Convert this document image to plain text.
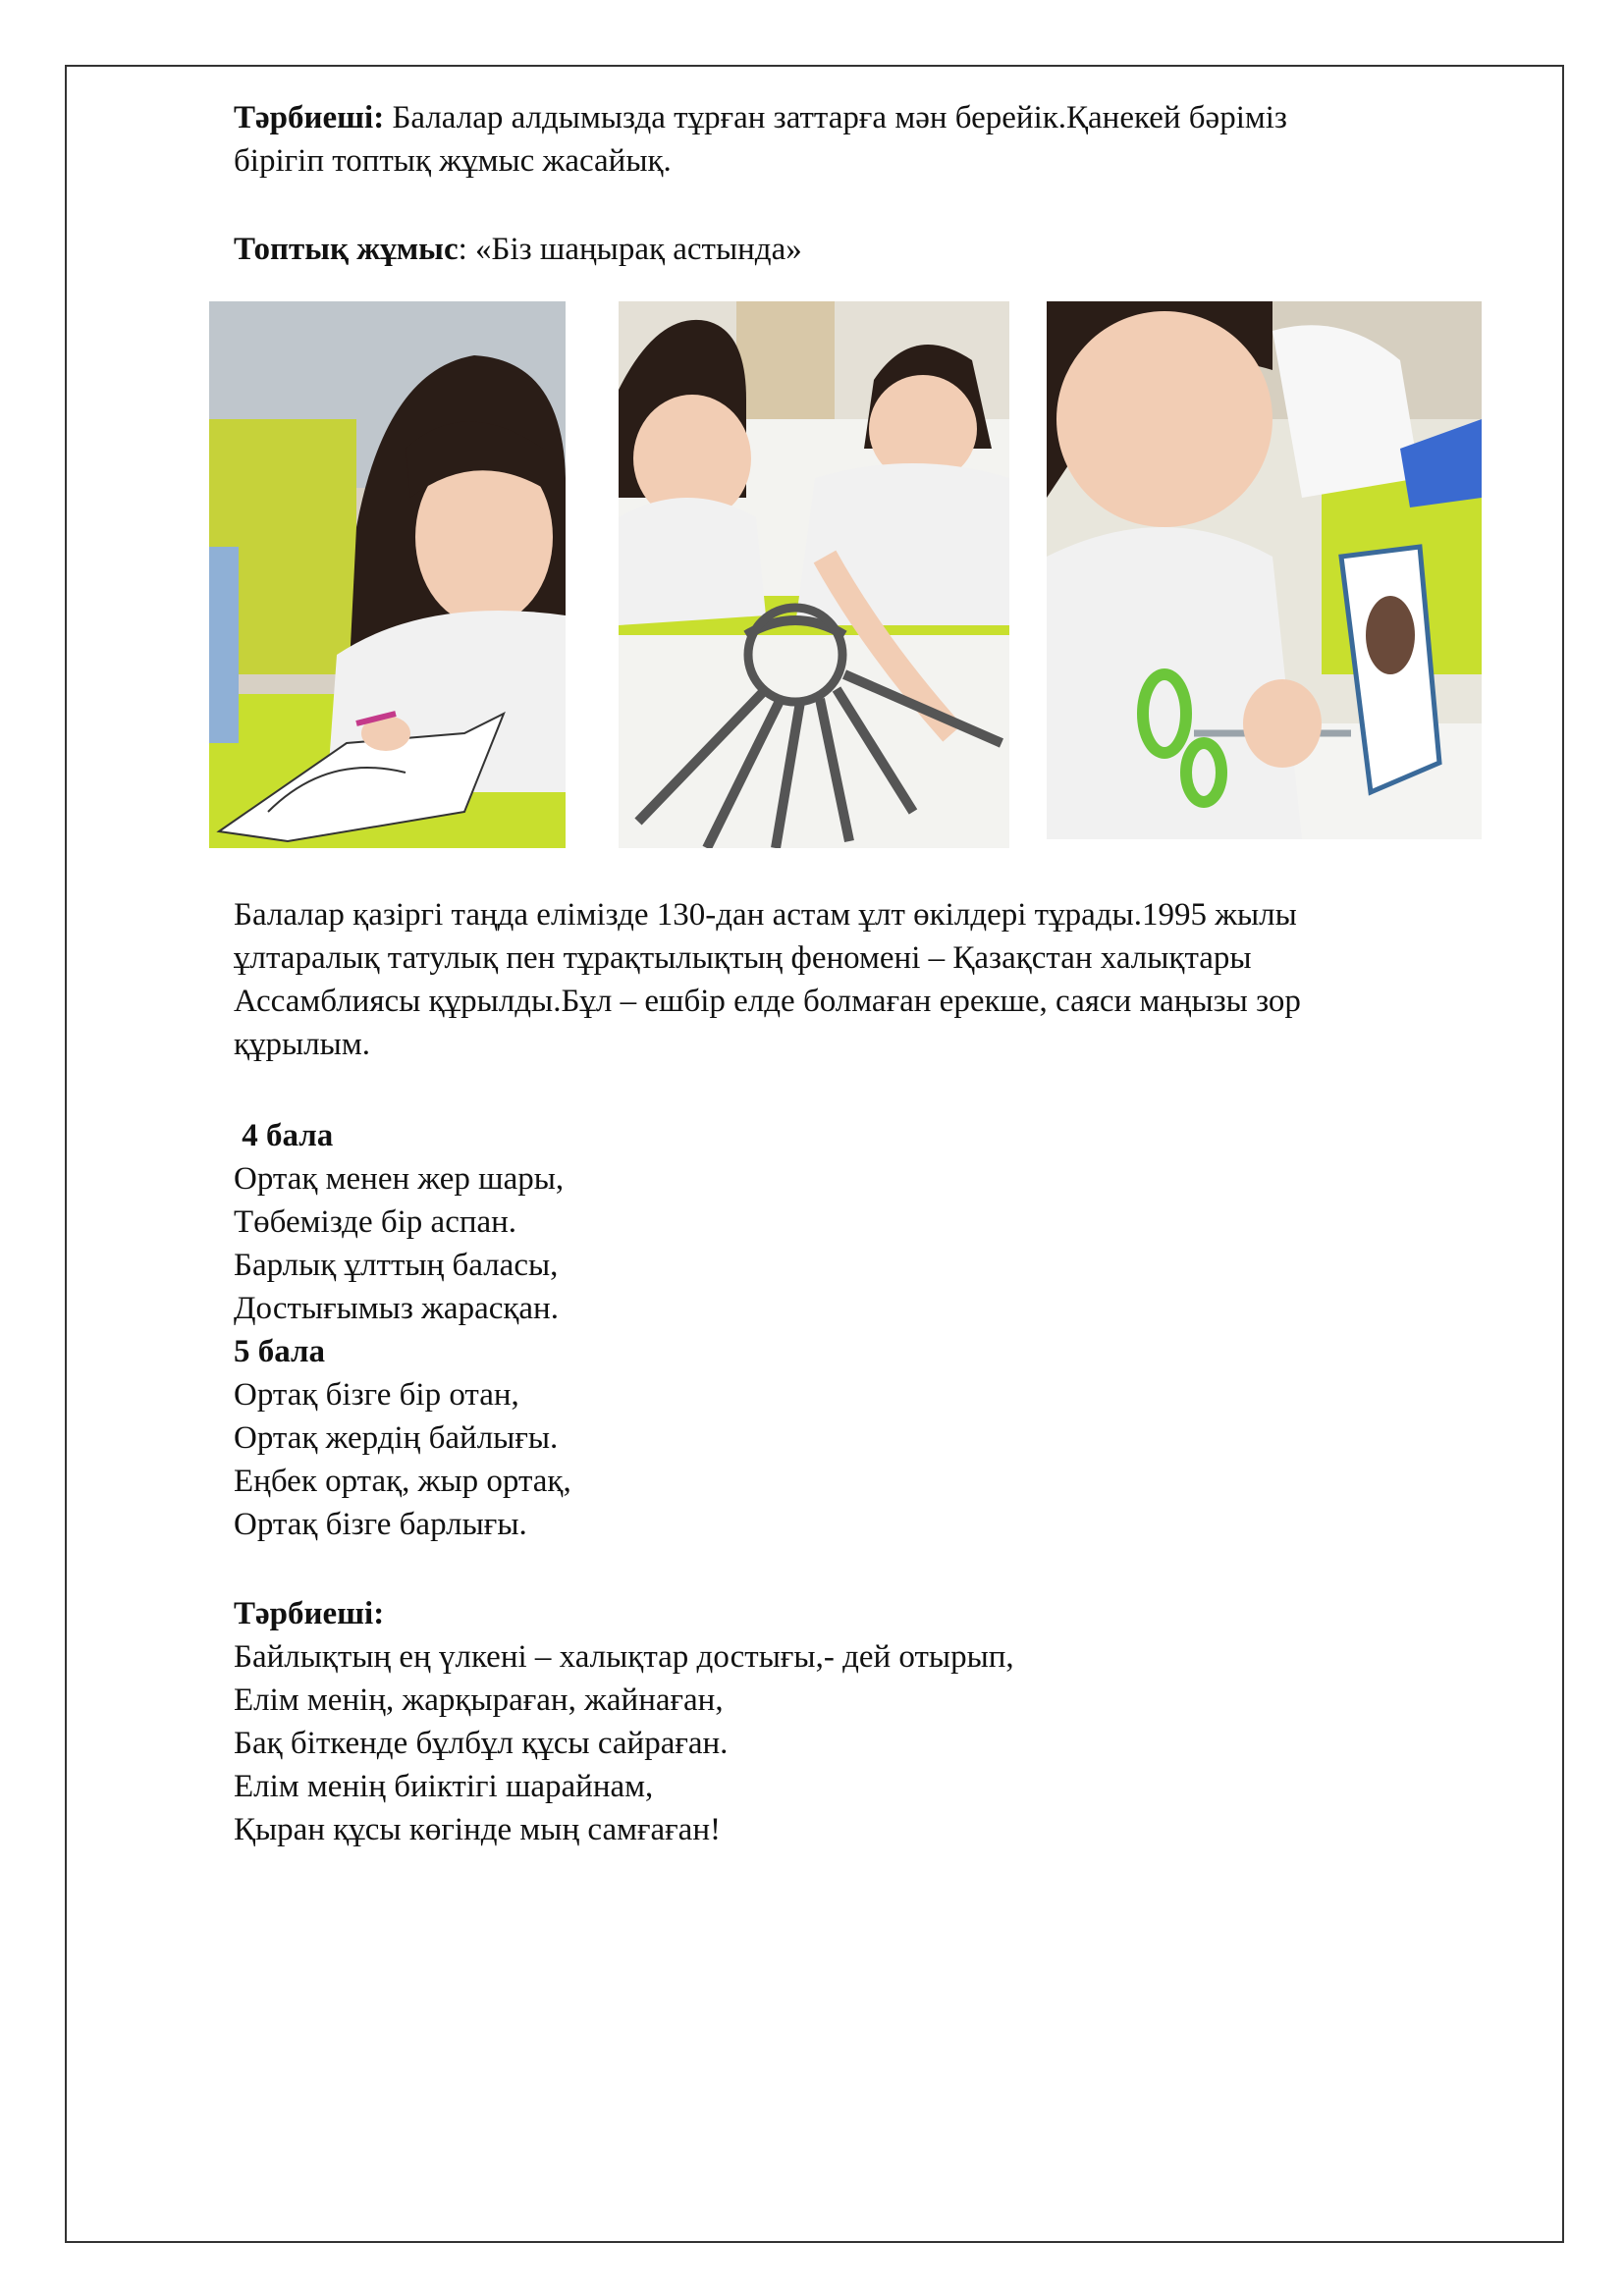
Тәрбиеші: Балалар алдымызда тұрған заттарға мән берейік.Қанекей бәріміз
бірігіп топтық жұмыс жасайық.
Топтық жұмыс: «Біз шаңырақ астында»
Балалар қазіргі таңда елімізде 130-дан астам ұлт өкілдері тұрады.1995 жылы
ұлтаралық татулық пен тұрақтылықтың феномені – Қазақстан халықтары
Ассамблиясы құрылды.Бұл – ешбір елде болмаған ерекше, саяси маңызы зор
құрылым.
4 бала
Ортақ менен жер шары,
Төбемізде бір аспан.
Барлық ұлттың баласы,
Достығымыз жарасқан.
5 бала
Ортақ бізге бір отан,
Ортақ жердің байлығы.
Еңбек ортақ, жыр ортақ,
Ортақ бізге барлығы.
Тәрбиеші:
Байлықтың ең үлкені – халықтар достығы,- дей отырып,
Елім менің, жарқыраған, жайнаған,
Бақ біткенде бұлбұл құсы сайраған.
Елім менің биіктігі шарайнам,
Қыран құсы көгінде мың самғаған!
